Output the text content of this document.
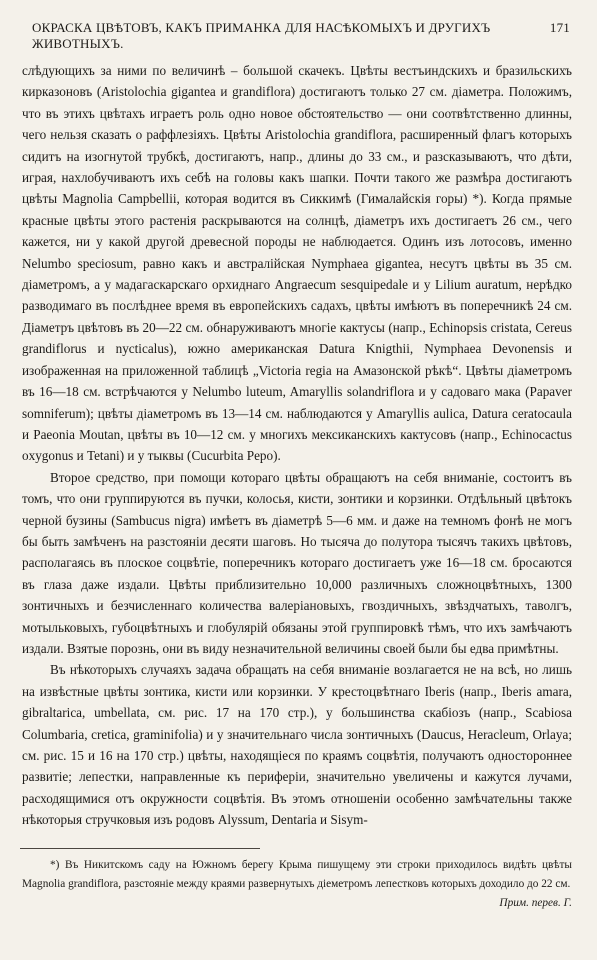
ОКРАСКА ЦВѢТОВЪ, КАКЪ ПРИМАНКА ДЛЯ НАСѢКОМЫХЪ И ДРУГИХЪ ЖИВОТНЫХЪ.
171

слѣдующихъ за ними по величинѣ – большой скачекъ. Цвѣты вестъиндскихъ и бразильскихъ кирказоновъ (Aristolochia gigantea и grandiflora) достигаютъ только 27 см. діаметра. Положимъ, что въ этихъ цвѣтахъ играетъ роль одно новое обстоятельство — они соотвѣтственно длинны, чего нельзя сказать о раффлезіяхъ. Цвѣты Aristolochia grandiflora, расширенный флагъ которыхъ сидитъ на изогнутой трубкѣ, достигаютъ, напр., длины до 33 см., и разсказываютъ, что дѣти, играя, нахлобучиваютъ ихъ себѣ на головы какъ шапки. Почти такого же размѣра достигаютъ цвѣты Magnolia Campbellii, которая водится въ Сиккимѣ (Гималайскія горы) *). Когда прямые красные цвѣты этого растенія раскрываются на солнцѣ, діаметръ ихъ достигаетъ 26 см., чего кажется, ни у какой другой древесной породы не наблюдается. Одинъ изъ лотосовъ, именно Nelumbo speciosum, равно какъ и австралійская Nymphaea gigantea, несутъ цвѣты въ 35 см. діаметромъ, а у мадагаскарскаго орхиднаго Angraecum sesquipedale и у Lilium auratum, нерѣдко разводимаго въ послѣднее время въ европейскихъ садахъ, цвѣты имѣютъ въ поперечникѣ 24 см. Діаметръ цвѣтовъ въ 20—22 см. обнаруживаютъ многіе кактусы (напр., Echinopsis cristata, Cereus grandiflorus и nycticalus), южно американская Datura Knigthii, Nymphaea Devonensis и изображенная на приложенной таблицѣ „Victoria regia на Амазонской рѣкѣ“. Цвѣты діаметромъ въ 16—18 см. встрѣчаются у Nelumbo luteum, Amaryllis solandriflora и у садоваго мака (Papaver somniferum); цвѣты діаметромъ въ 13—14 см. наблюдаются у Amaryllis aulica, Datura ceratocaula и Paeonia Moutan, цвѣты въ 10—12 см. у многихъ мексиканскихъ кактусовъ (напр., Echinocactus oxygonus и Tetani) и у тыквы (Cucurbita Pepo).

Второе средство, при помощи котораго цвѣты обращаютъ на себя вниманіе, состоитъ въ томъ, что они группируются въ пучки, колосья, кисти, зонтики и корзинки. Отдѣльный цвѣтокъ черной бузины (Sambucus nigra) имѣетъ въ діаметрѣ 5—6 мм. и даже на темномъ фонѣ не могъ бы быть замѣченъ на разстояніи десяти шаговъ. Но тысяча до полутора тысячъ такихъ цвѣтовъ, располагаясь въ плоское соцвѣтіе, поперечникъ котораго достигаетъ уже 16—18 см. бросаются въ глаза даже издали. Цвѣты приблизительно 10,000 различныхъ сложноцвѣтныхъ, 1300 зонтичныхъ и безчисленнаго количества валеріановыхъ, гвоздичныхъ, звѣздчатыхъ, таволгъ, мотыльковыхъ, губоцвѣтныхъ и глобулярій обязаны этой группировкѣ тѣмъ, что ихъ замѣчаютъ издали. Взятые порознь, они въ виду незначительной величины своей были бы едва примѣтны.

Въ нѣкоторыхъ случаяхъ задача обращать на себя вниманіе возлагается не на всѣ, но лишь на извѣстные цвѣты зонтика, кисти или корзинки. У крестоцвѣтнаго Iberis (напр., Iberis amara, gibraltarica, umbellata, см. рис. 17 на 170 стр.), у большинства скабіозъ (напр., Scabiosa Columbaria, cretica, graminifolia) и у значительнаго числа зонтичныхъ (Daucus, Heracleum, Orlaya; см. рис. 15 и 16 на 170 стр.) цвѣты, находящіеся по краямъ соцвѣтія, получаютъ одностороннее развитіе; лепестки, направленные къ периферіи, значительно увеличены и кажутся лучами, расходящимися отъ окружности соцвѣтія. Въ этомъ отношеніи особенно замѣчательны также нѣкоторыя стручковыя изъ родовъ Alyssum, Dentaria и Sisym-

*) Въ Никитскомъ саду на Южномъ берегу Крыма пишущему эти строки приходилось видѣть цвѣты Magnolia grandiflora, разстояніе между краями развернутыхъ діеметромъ лепестковъ которыхъ доходило до 22 см.
Прим. перев. Г.
